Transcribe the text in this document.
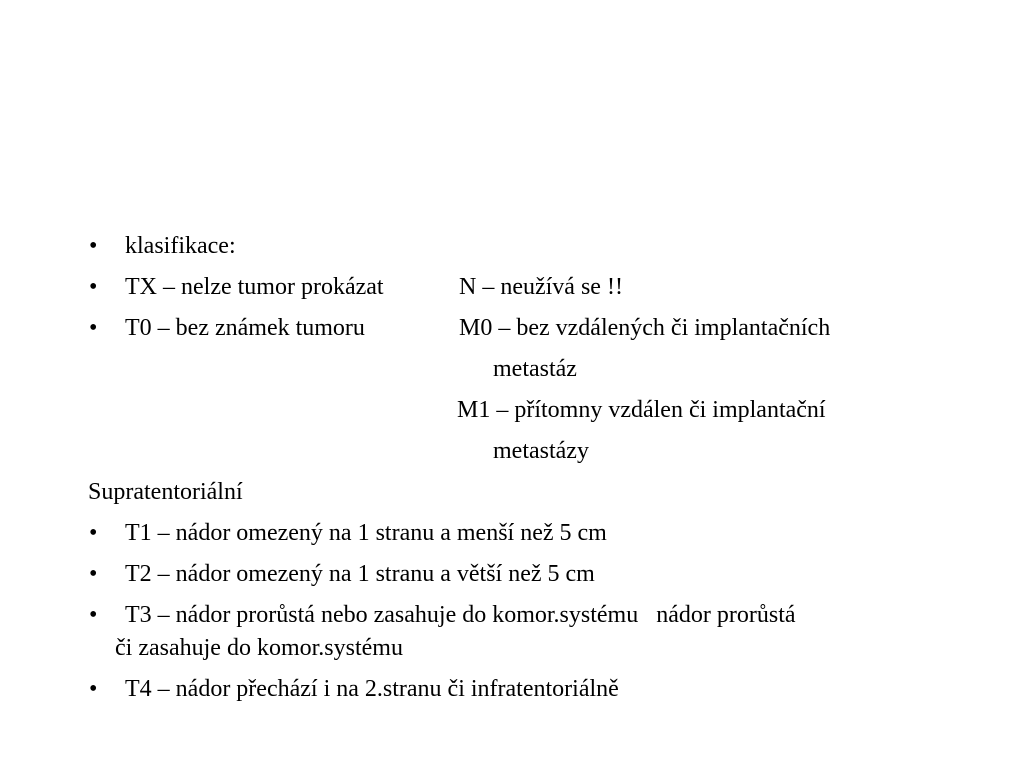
• klasifikace:
• TX – nelze tumor prokázat	N – neužívá se !!
• T0 – bez známek tumoru	M0 – bez vzdálených či implantačních
metastáz
M1 – přítomny vzdálen či implantační
metastázy
Supratentoriální
• T1 – nádor omezený na 1 stranu a menší než 5 cm
• T2 – nádor omezený na 1 stranu a větší než 5 cm
• T3 – nádor prorůstá nebo zasahuje do komor.systému   nádor prorůstá
či zasahuje do komor.systému
• T4 – nádor přechází i na 2.stranu či infratentoriálně
